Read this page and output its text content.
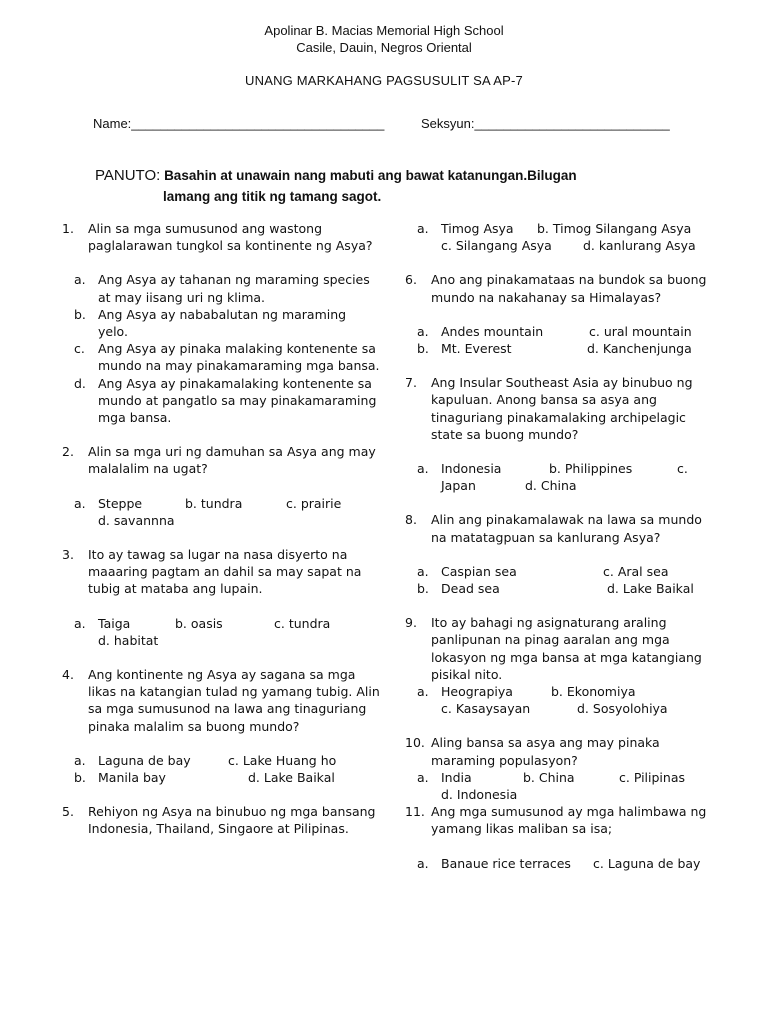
Apolinar B. Macias Memorial High School
Casile, Dauin, Negros Oriental
UNANG MARKAHANG PAGSUSULIT SA AP-7
Name:___________________________________	Seksyun:___________________________
PANUTO: Basahin at unawain nang mabuti ang bawat katanungan.Bilugan
lamang ang titik ng tamang sagot.
1. Alin sa mga sumusunod ang wastong paglalarawan tungkol sa kontinente ng Asya?
a. Ang Asya ay tahanan ng maraming species at may iisang uri ng klima.
b. Ang Asya ay nababalutan ng maraming yelo.
c. Ang Asya ay pinaka malaking kontenente sa mundo na may pinakamaraming mga bansa.
d. Ang Asya ay pinakamalaking kontenente sa mundo at pangatlo sa may pinakamaraming mga bansa.
2. Alin sa mga uri ng damuhan sa Asya ang may malalalim na ugat?
a. Steppe	b. tundra	c. prairie
d. savannna
3. Ito ay tawag sa lugar na nasa disyerto na maaaring pagtam an dahil sa may sapat na tubig at mataba ang lupain.
a. Taiga	b. oasis	c. tundra
d. habitat
4. Ang kontinente ng Asya ay sagana sa mga likas na katangian tulad ng yamang tubig. Alin sa mga sumusunod na lawa ang tinaguriang pinaka malalim sa buong mundo?
a. Laguna de bay	c. Lake Huang ho
b. Manila bay	d. Lake Baikal
5. Rehiyon ng Asya na binubuo ng mga bansang Indonesia, Thailand, Singaore at Pilipinas.
a. Timog Asya b. Timog Silangang Asya
c. Silangang Asya d. kanlurang Asya
6. Ano ang pinakamataas na bundok sa buong mundo na nakahanay sa Himalayas?
a. Andes mountain	c. ural mountain
b. Mt. Everest	d. Kanchenjunga
7. Ang Insular Southeast Asia ay binubuo ng kapuluan. Anong bansa sa asya ang tinaguriang pinakamalaking archipelagic state sa buong mundo?
a. Indonesia	b. Philippines	c.
Japan	d. China
8. Alin ang pinakamalawak na lawa sa mundo na matatagpuan sa kanlurang Asya?
a. Caspian sea	c. Aral sea
b. Dead sea	d. Lake Baikal
9. Ito ay bahagi ng asignaturang araling panlipunan na pinag aaralan ang mga lokasyon ng mga bansa at mga katangiang pisikal nito.
a. Heograpiya	b. Ekonomiya
c. Kasaysayan	d. Sosyolohiya
10. Aling bansa sa asya ang may pinaka maraming populasyon?
a. India	b. China	c. Pilipinas
d. Indonesia
11. Ang mga sumusunod ay mga halimbawa ng yamang likas maliban sa isa;
a. Banaue rice terraces c. Laguna de bay
